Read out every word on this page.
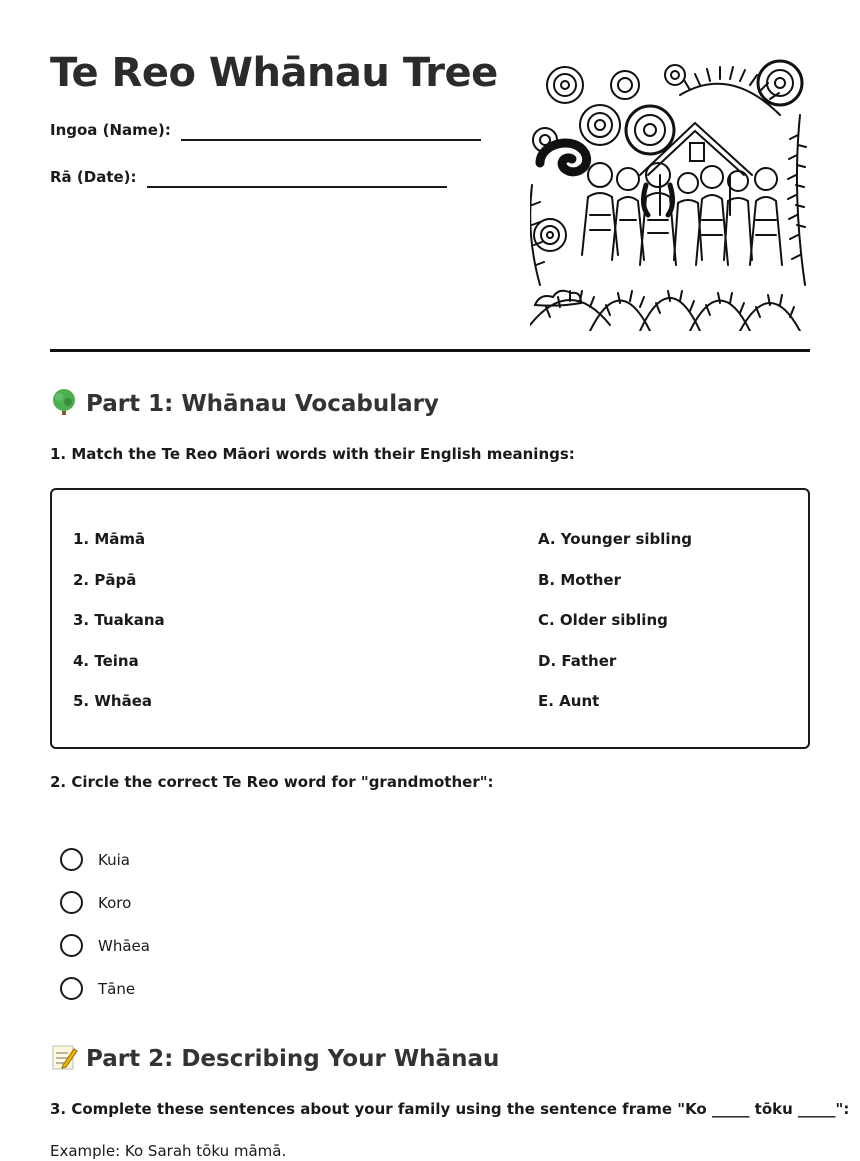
Te Reo Whānau Tree
Ingoa (Name):
Rā (Date):
Part 1: Whānau Vocabulary

1. Match the Te Reo Māori words with their English meanings:

1. Māmā
2. Pāpā
3. Tuakana
4. Teina
5. Whāea
A. Younger sibling
B. Mother
C. Older sibling
D. Father
E. Aunt

2. Circle the correct Te Reo word for "grandmother":

Kuia
Koro
Whāea
Tāne
Part 2: Describing Your Whānau

3. Complete these sentences about your family using the sentence frame "Ko _____ tōku _____":

Example: Ko Sarah tōku māmā.
